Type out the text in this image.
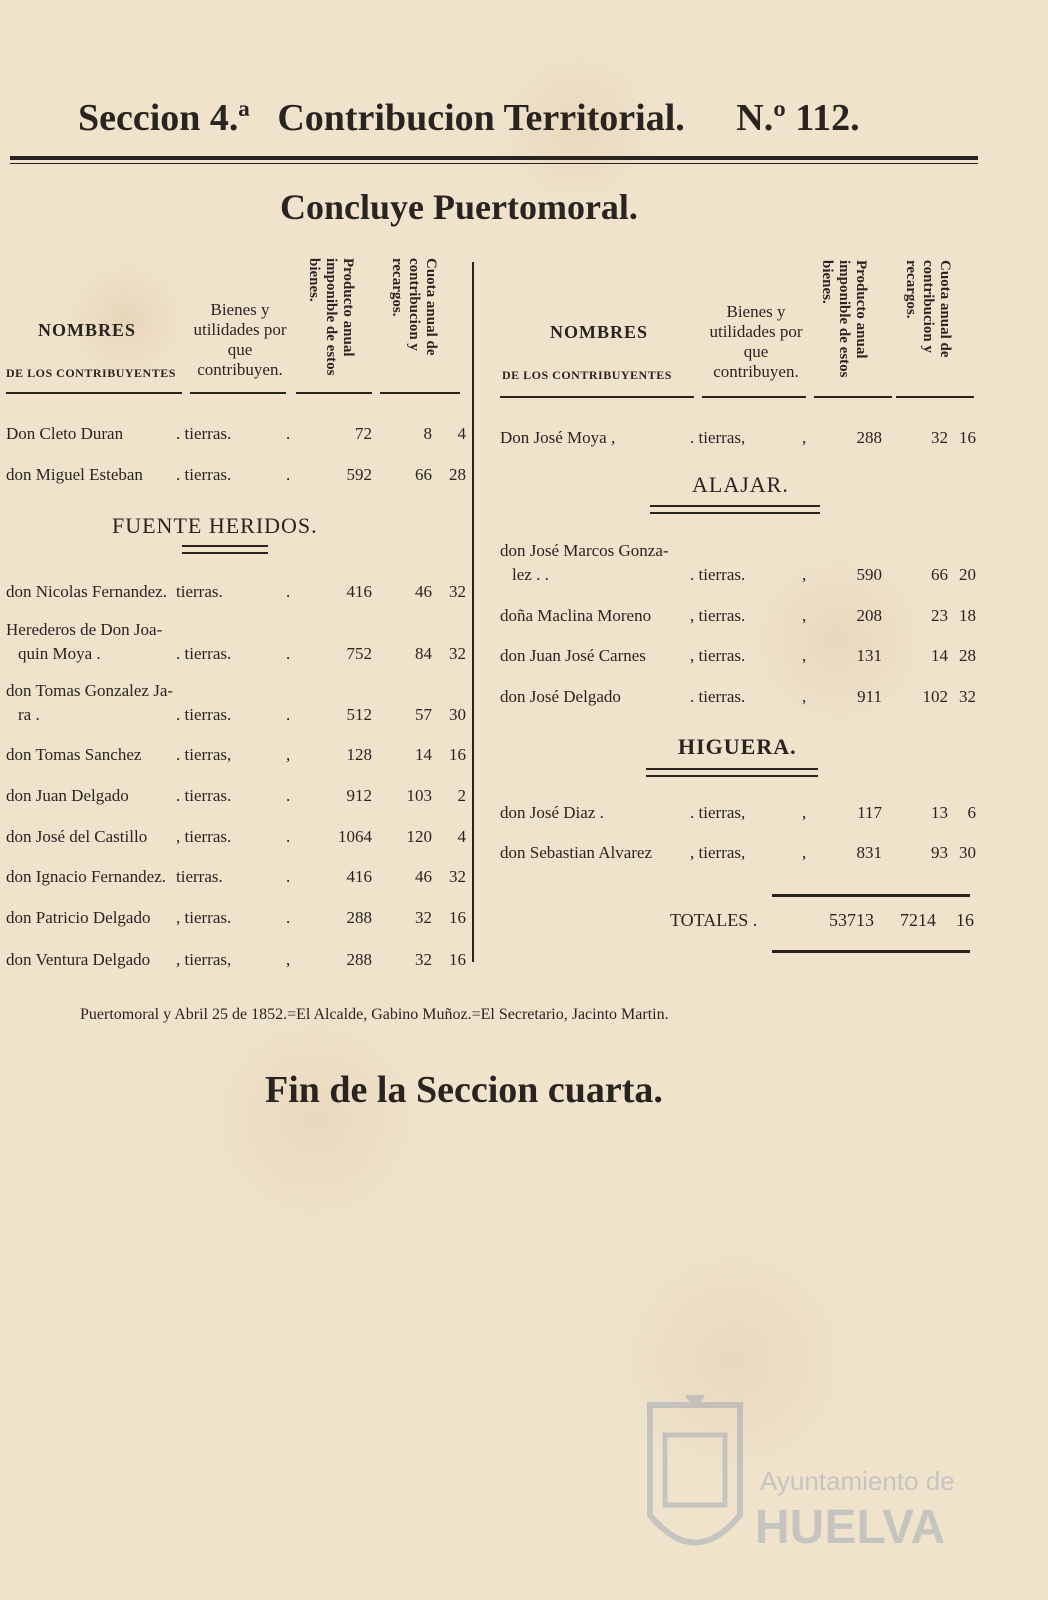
Seccion 4.ª Contribucion Territorial. N.º 112.
Concluye Puertomoral.
NOMBRES
DE LOS CONTRIBUYENTES
Bienes y utilidades por que contribuyen.
Producto anual imponible de estos bienes.	Cuota anual de contribucion y recargos.
NOMBRES
DE LOS CONTRIBUYENTES
Bienes y utilidades por que contribuyen.
Producto anual imponible de estos bienes.	Cuota anual de contribucion y recargos.
Don Cleto Duran	. tierras.	.	72	8	4
don Miguel Esteban . tierras.	.	592	66	28
FUENTE HERIDOS.
don Nicolas Fernandez. tierras.	.	416	46	32
Herederos de Don Joa-
quin Moya .	. tierras.	.	752	84	32
don Tomas Gonzalez Ja-
ra .	. tierras.	.	512	57	30
don Tomas Sanchez . tierras,	,	128	14	16
don Juan Delgado	. tierras.	.	912	103	2
don José del Castillo , tierras.	.	1064	120	4
don Ignacio Fernandez. tierras.	.	416	46	32
don Patricio Delgado , tierras.	.	288	32	16
don Ventura Delgado , tierras,	,	288	32	16
Don José Moya ,	. tierras,	,	288	32 16
ALAJAR.
don José Marcos Gonza-
lez . .	. tierras.	,	590	66 20
doña Maclina Moreno , tierras.	,	208	23 18
don Juan José Carnes	, tierras.	,	131	14 28
don José Delgado	. tierras.	,	911	102 32
HIGUERA.
don José Diaz .	. tierras,	,	117	13	6
don Sebastian Alvarez , tierras,	,	831	93 30
TOTALES .	53713	7214	16
Puertomoral y Abril 25 de 1852.=El Alcalde, Gabino Muñoz.=El Secretario, Jacinto Martin.
Fin de la Seccion cuarta.
Ayuntamiento de
HUELVA
